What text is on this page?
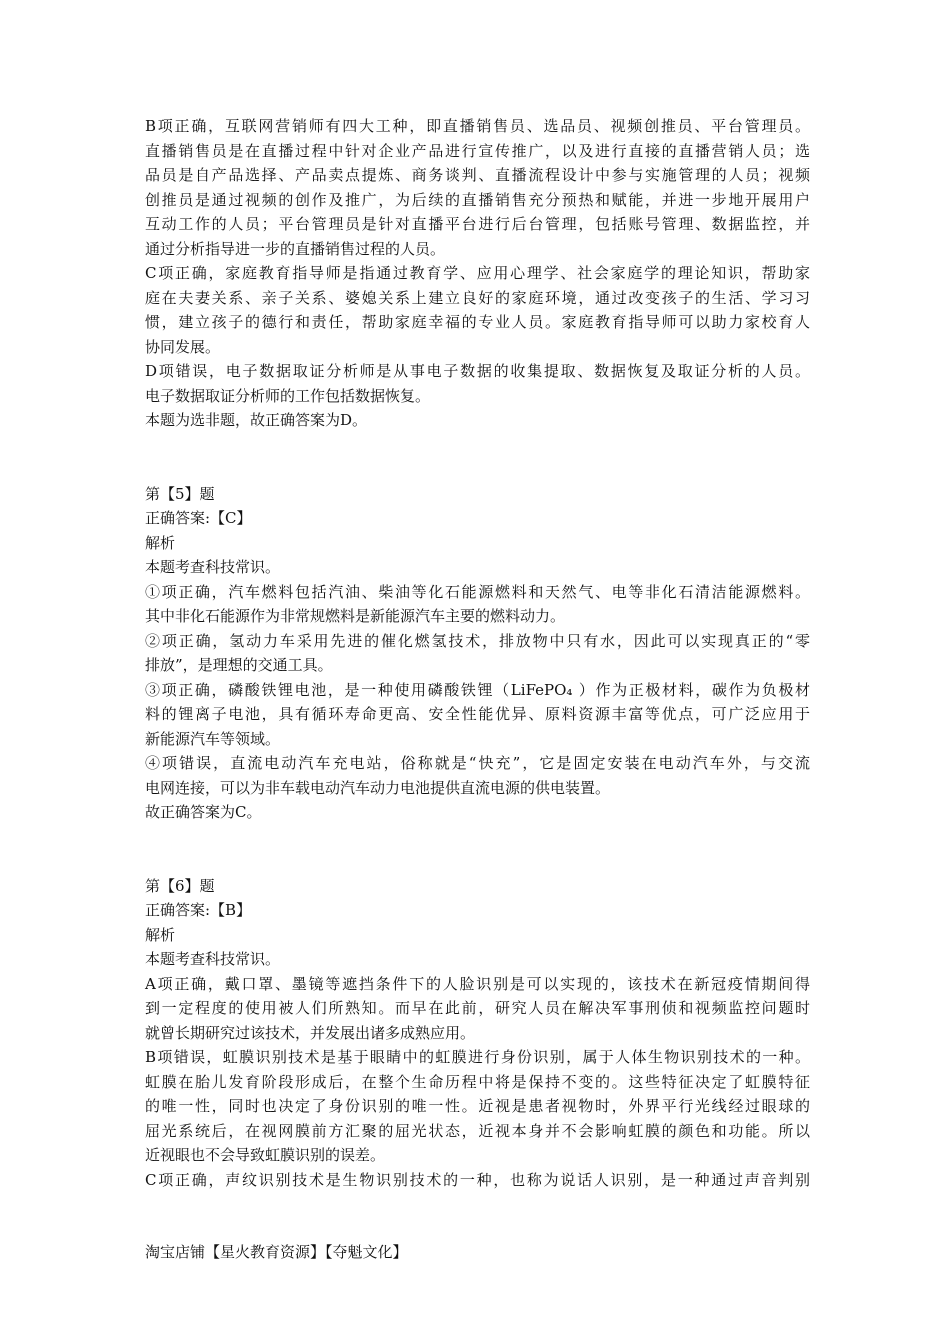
B项正确，互联网营销师有四大工种，即直播销售员、选品员、视频创推员、平台管理员。
直播销售员是在直播过程中针对企业产品进行宣传推广，以及进行直接的直播营销人员；选
品员是自产品选择、产品卖点提炼、商务谈判、直播流程设计中参与实施管理的人员；视频
创推员是通过视频的创作及推广，为后续的直播销售充分预热和赋能，并进一步地开展用户
互动工作的人员；平台管理员是针对直播平台进行后台管理，包括账号管理、数据监控，并
通过分析指导进一步的直播销售过程的人员。
C项正确，家庭教育指导师是指通过教育学、应用心理学、社会家庭学的理论知识，帮助家
庭在夫妻关系、亲子关系、婆媳关系上建立良好的家庭环境，通过改变孩子的生活、学习习
惯，建立孩子的德行和责任，帮助家庭幸福的专业人员。家庭教育指导师可以助力家校育人
协同发展。
D项错误，电子数据取证分析师是从事电子数据的收集提取、数据恢复及取证分析的人员。
电子数据取证分析师的工作包括数据恢复。
本题为选非题，故正确答案为D。
第【5】题
正确答案:【C】
解析
本题考查科技常识。
①项正确，汽车燃料包括汽油、柴油等化石能源燃料和天然气、电等非化石清洁能源燃料。
其中非化石能源作为非常规燃料是新能源汽车主要的燃料动力。
②项正确，氢动力车采用先进的催化燃氢技术，排放物中只有水，因此可以实现真正的“零
排放”，是理想的交通工具。
③项正确，磷酸铁锂电池，是一种使用磷酸铁锂（LiFePO₄ ）作为正极材料，碳作为负极材
料的锂离子电池，具有循环寿命更高、安全性能优异、原料资源丰富等优点，可广泛应用于
新能源汽车等领域。
④项错误，直流电动汽车充电站，俗称就是“快充”，它是固定安装在电动汽车外，与交流
电网连接，可以为非车载电动汽车动力电池提供直流电源的供电装置。
故正确答案为C。
第【6】题
正确答案:【B】
解析
本题考查科技常识。
A项正确，戴口罩、墨镜等遮挡条件下的人脸识别是可以实现的，该技术在新冠疫情期间得
到一定程度的使用被人们所熟知。而早在此前，研究人员在解决军事刑侦和视频监控问题时
就曾长期研究过该技术，并发展出诸多成熟应用。
B项错误，虹膜识别技术是基于眼睛中的虹膜进行身份识别，属于人体生物识别技术的一种。
虹膜在胎儿发育阶段形成后，在整个生命历程中将是保持不变的。这些特征决定了虹膜特征
的唯一性，同时也决定了身份识别的唯一性。近视是患者视物时，外界平行光线经过眼球的
屈光系统后，在视网膜前方汇聚的屈光状态，近视本身并不会影响虹膜的颜色和功能。所以
近视眼也不会导致虹膜识别的误差。
C项正确，声纹识别技术是生物识别技术的一种，也称为说话人识别，是一种通过声音判别
淘宝店铺【星火教育资源】【夺魁文化】
